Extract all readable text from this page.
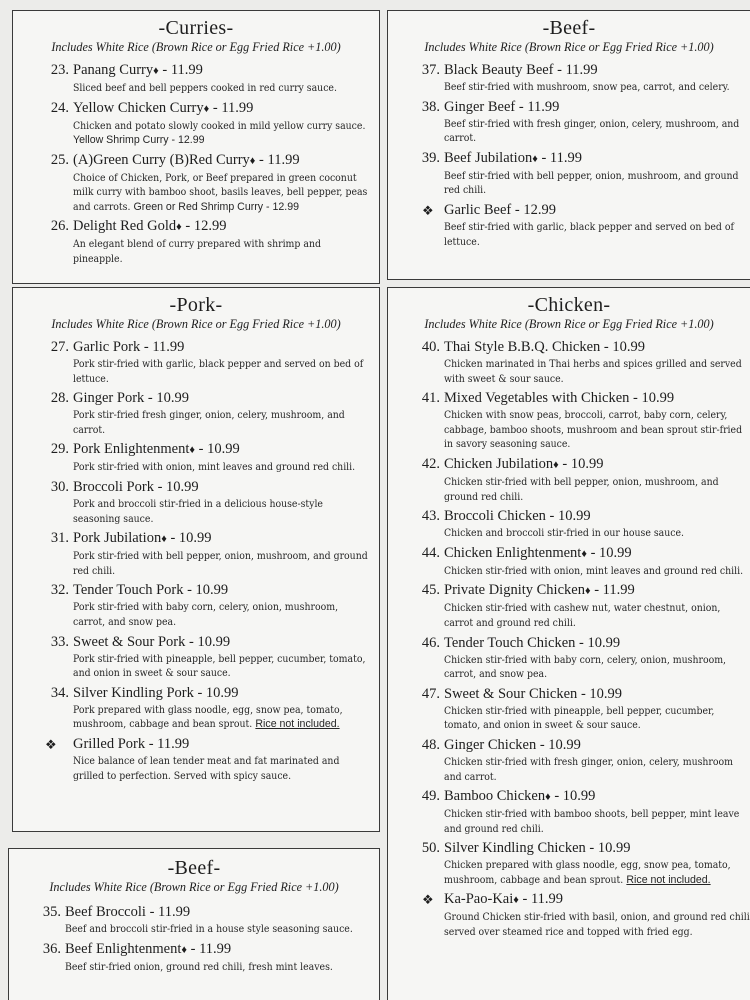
-Curries-
Includes White Rice (Brown Rice or Egg Fried Rice +1.00)
23. Panang Curry♦ - 11.99
Sliced beef and bell peppers cooked in red curry sauce.
24. Yellow Chicken Curry♦ - 11.99
Chicken and potato slowly cooked in mild yellow curry sauce. Yellow Shrimp Curry - 12.99
25. (A)Green Curry (B)Red Curry♦ - 11.99
Choice of Chicken, Pork, or Beef prepared in green coconut milk curry with bamboo shoot, basils leaves, bell pepper, peas and carrots. Green or Red Shrimp Curry - 12.99
26. Delight Red Gold♦ - 12.99
An elegant blend of curry prepared with shrimp and pineapple.
-Beef-
Includes White Rice (Brown Rice or Egg Fried Rice +1.00)
37. Black Beauty Beef - 11.99
Beef stir-fried with mushroom, snow pea, carrot, and celery.
38. Ginger Beef - 11.99
Beef stir-fried with fresh ginger, onion, celery, mushroom, and carrot.
39. Beef Jubilation♦ - 11.99
Beef stir-fried with bell pepper, onion, mushroom, and ground red chili.
❖ Garlic Beef - 12.99
Beef stir-fried with garlic, black pepper and served on bed of lettuce.
-Pork-
Includes White Rice (Brown Rice or Egg Fried Rice +1.00)
27. Garlic Pork - 11.99
Pork stir-fried with garlic, black pepper and served on bed of lettuce.
28. Ginger Pork - 10.99
Pork stir-fried fresh ginger, onion, celery, mushroom, and carrot.
29. Pork Enlightenment♦ - 10.99
Pork stir-fried with onion, mint leaves and ground red chili.
30. Broccoli Pork - 10.99
Pork and broccoli stir-fried in a delicious house-style seasoning sauce.
31. Pork Jubilation♦ - 10.99
Pork stir-fried with bell pepper, onion, mushroom, and ground red chili.
32. Tender Touch Pork - 10.99
Pork stir-fried with baby corn, celery, onion, mushroom, carrot, and snow pea.
33. Sweet & Sour Pork - 10.99
Pork stir-fried with pineapple, bell pepper, cucumber, tomato, and onion in sweet & sour sauce.
34. Silver Kindling Pork - 10.99
Pork prepared with glass noodle, egg, snow pea, tomato, mushroom, cabbage and bean sprout. Rice not included.
❖ Grilled Pork - 11.99
Nice balance of lean tender meat and fat marinated and grilled to perfection. Served with spicy sauce.
-Chicken-
Includes White Rice (Brown Rice or Egg Fried Rice +1.00)
40. Thai Style B.B.Q. Chicken - 10.99
Chicken marinated in Thai herbs and spices grilled and served with sweet & sour sauce.
41. Mixed Vegetables with Chicken - 10.99
Chicken with snow peas, broccoli, carrot, baby corn, celery, cabbage, bamboo shoots, mushroom and bean sprout stir-fried in savory seasoning sauce.
42. Chicken Jubilation♦ - 10.99
Chicken stir-fried with bell pepper, onion, mushroom, and ground red chili.
43. Broccoli Chicken - 10.99
Chicken and broccoli stir-fried in our house sauce.
44. Chicken Enlightenment♦ - 10.99
Chicken stir-fried with onion, mint leaves and ground red chili.
45. Private Dignity Chicken♦ - 11.99
Chicken stir-fried with cashew nut, water chestnut, onion, carrot and ground red chili.
46. Tender Touch Chicken - 10.99
Chicken stir-fried with baby corn, celery, onion, mushroom, carrot, and snow pea.
47. Sweet & Sour Chicken - 10.99
Chicken stir-fried with pineapple, bell pepper, cucumber, tomato, and onion in sweet & sour sauce.
48. Ginger Chicken - 10.99
Chicken stir-fried with fresh ginger, onion, celery, mushroom and carrot.
49. Bamboo Chicken♦ - 10.99
Chicken stir-fried with bamboo shoots, bell pepper, mint leave and ground red chili.
50. Silver Kindling Chicken - 10.99
Chicken prepared with glass noodle, egg, snow pea, tomato, mushroom, cabbage and bean sprout. Rice not included.
❖ Ka-Pao-Kai♦ - 11.99
Ground Chicken stir-fried with basil, onion, and ground red chili served over steamed rice and topped with fried egg.
-Beef-
Includes White Rice (Brown Rice or Egg Fried Rice +1.00)
35. Beef Broccoli - 11.99
Beef and broccoli stir-fried in a house style seasoning sauce.
36. Beef Enlightenment♦ - 11.99
Beef stir-fried onion, ground red chili, fresh mint leaves.
